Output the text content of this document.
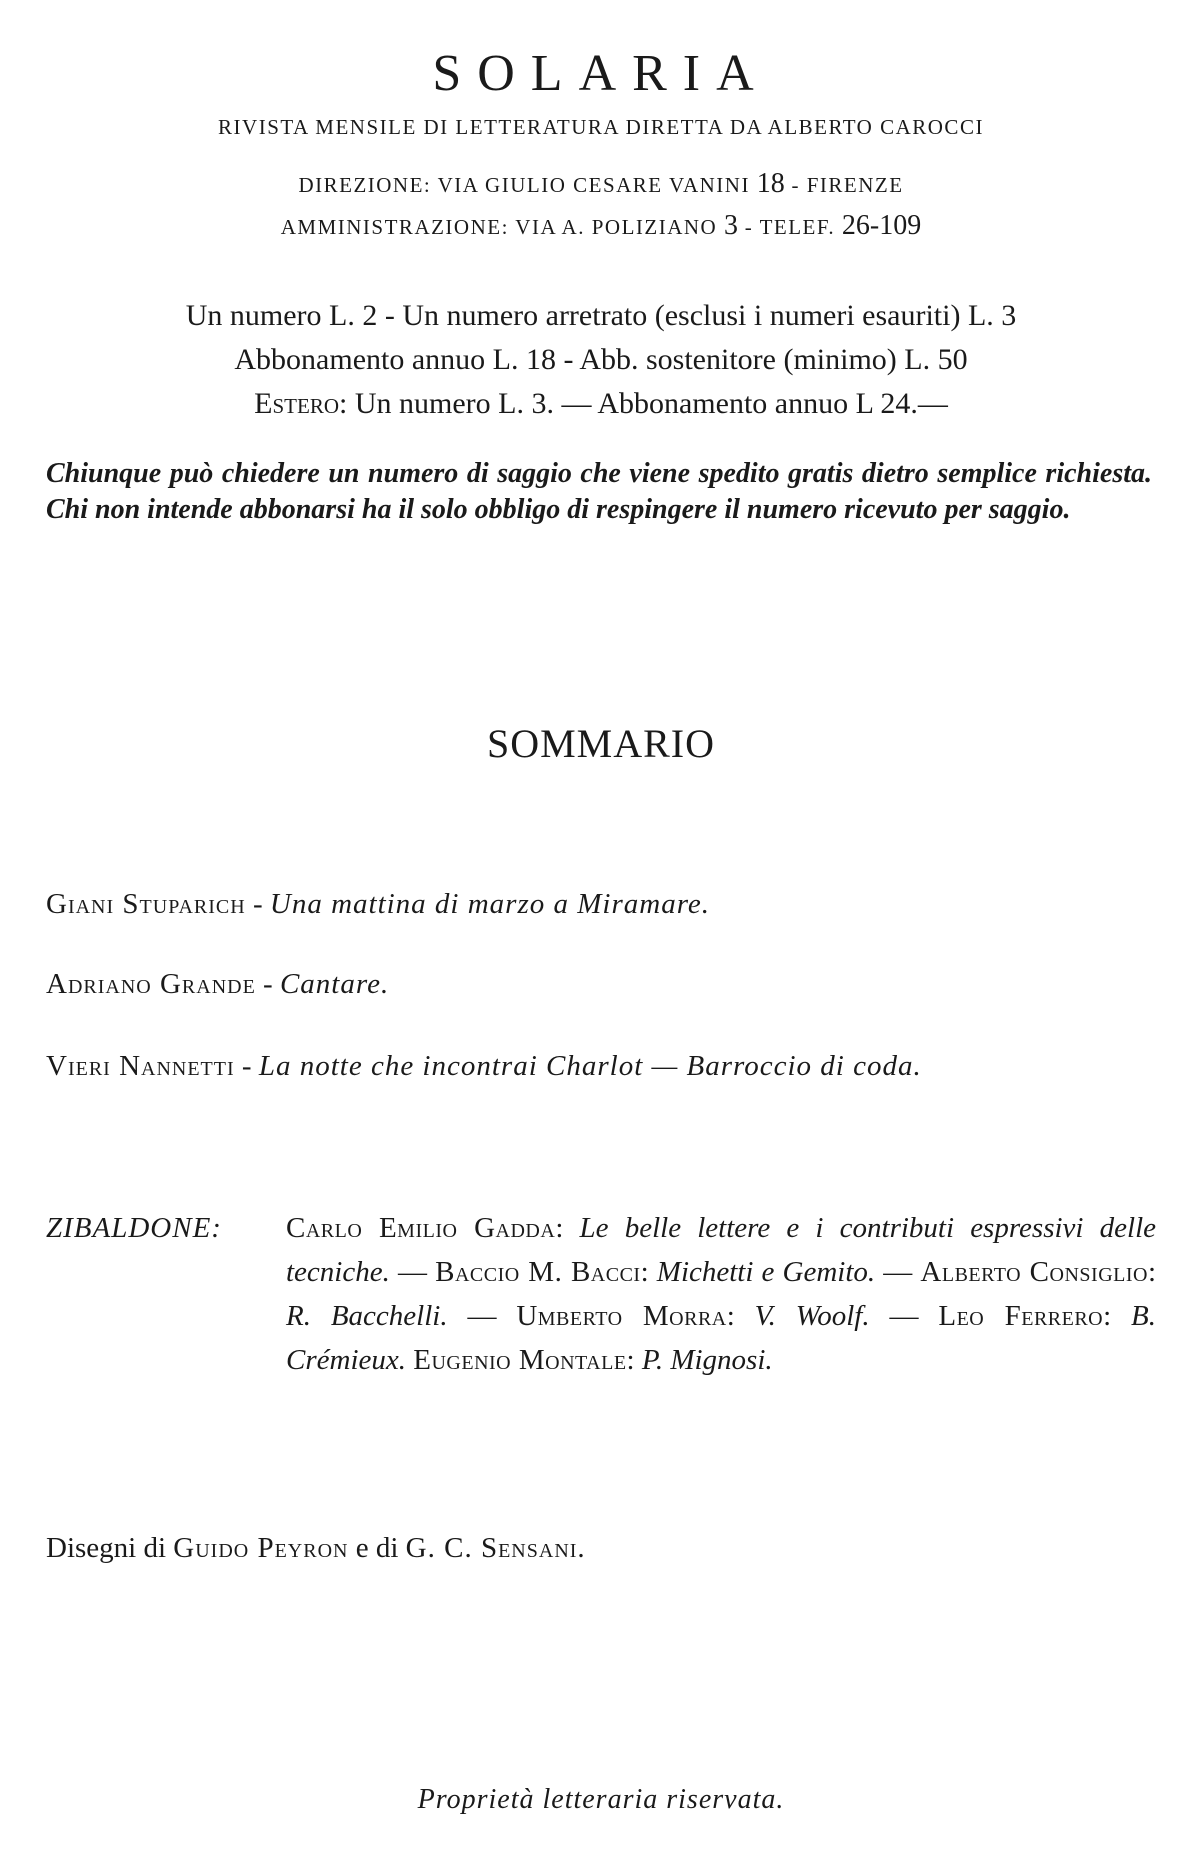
SOLARIA
RIVISTA MENSILE DI LETTERATURA DIRETTA DA ALBERTO CAROCCI
DIREZIONE: VIA GIULIO CESARE VANINI 18 - FIRENZE
AMMINISTRAZIONE: VIA A. POLIZIANO 3 - TELEF. 26-109
Un numero L. 2 - Un numero arretrato (esclusi i numeri esauriti) L. 3
Abbonamento annuo L. 18 - Abb. sostenitore (minimo) L. 50
Estero: Un numero L. 3. — Abbonamento annuo L 24.—
Chiunque può chiedere un numero di saggio che viene spedito gratis dietro semplice richiesta. Chi non intende abbonarsi ha il solo obbligo di respingere il numero ricevuto per saggio.
SOMMARIO
Giani Stuparich - Una mattina di marzo a Miramare.
Adriano Grande - Cantare.
Vieri Nannetti - La notte che incontrai Charlot — Barroccio di coda.
ZIBALDONE: Carlo Emilio Gadda: Le belle lettere e i contributi espressivi delle tecniche. — Baccio M. Bacci: Michetti e Gemito. — Alberto Consiglio: R. Bacchelli. — Umberto Morra: V. Woolf. — Leo Ferrero: B. Crémieux. Eugenio Montale: P. Mignosi.
Disegni di Guido Peyron e di G. C. Sensani.
Proprietà letteraria riservata.
